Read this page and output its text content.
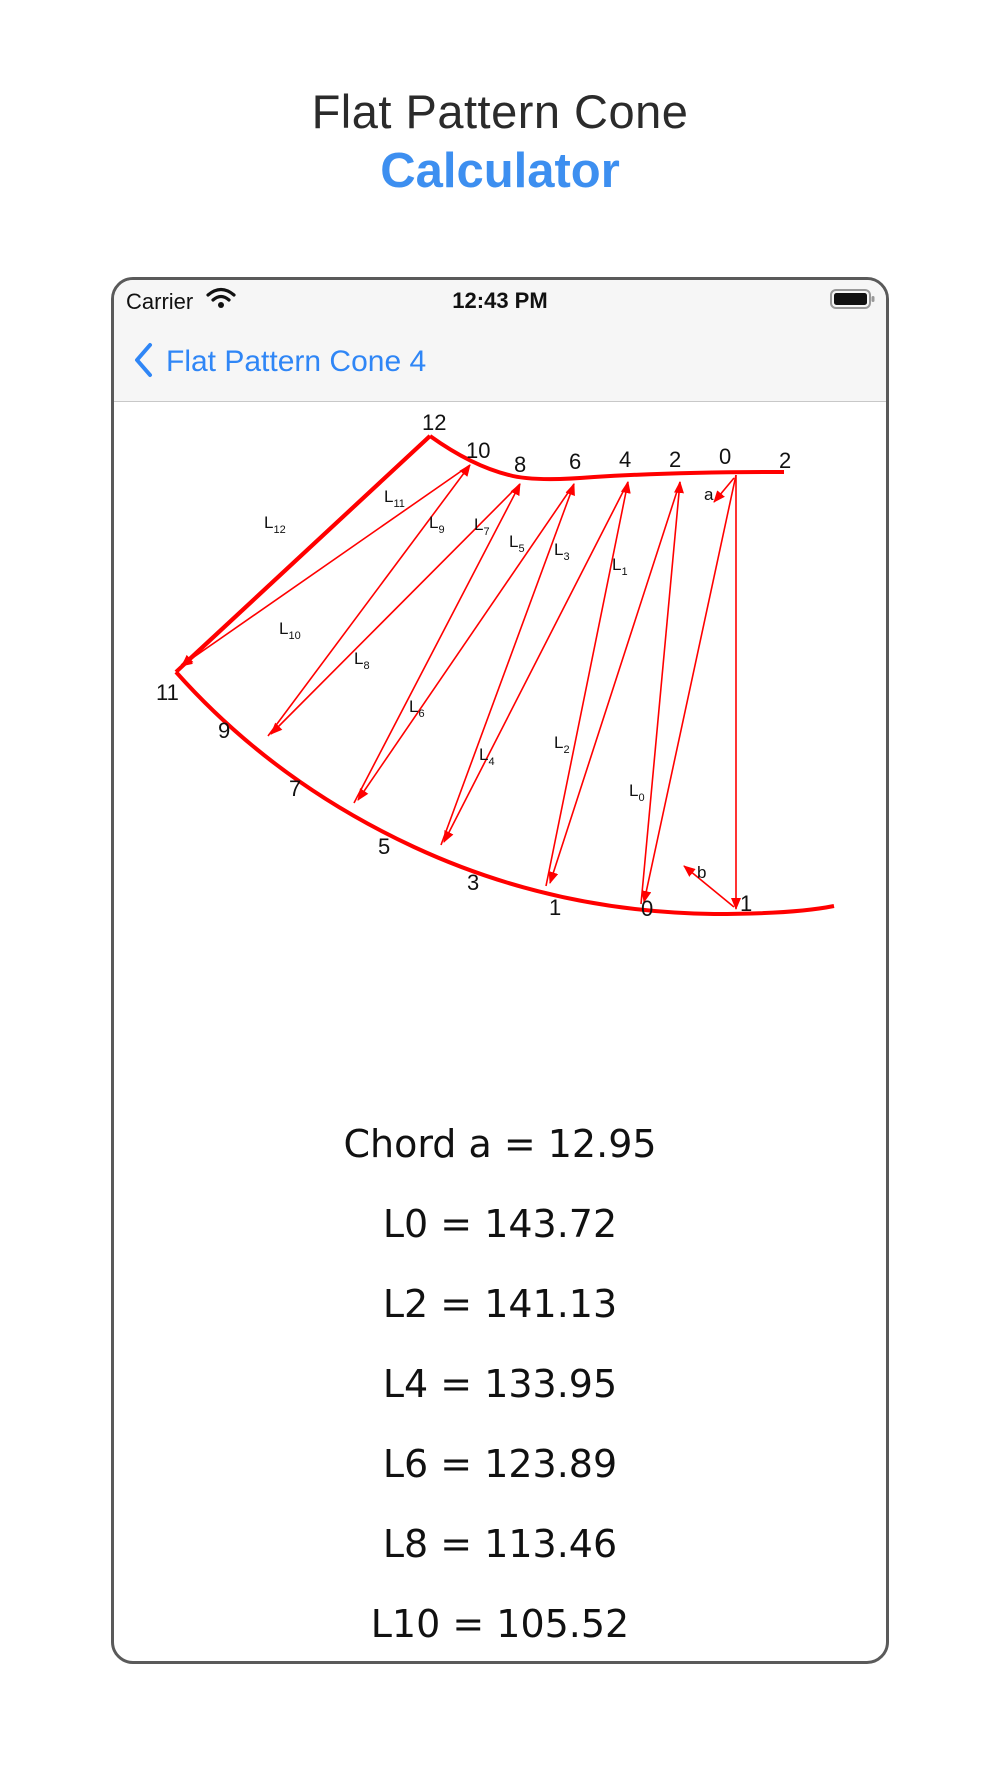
Flat Pattern Cone
Calculator
Carrier	12:43 PM
Flat Pattern Cone 4
12
10
8 6 4 2 0 2
11
9
7
5
3
1	0	1
$L_{12}$
$L_{11}$
$L_{10}$
$L_9$
$L_8$
$L_7$
$L_6$
$L_5$
$L_4$
$L_3$
$L_2$
$L_1$
$L_0$
a
b
Chord a = 12.95
L0 = 143.72
L2 = 141.13
L4 = 133.95
L6 = 123.89
L8 = 113.46
L10 = 105.52
